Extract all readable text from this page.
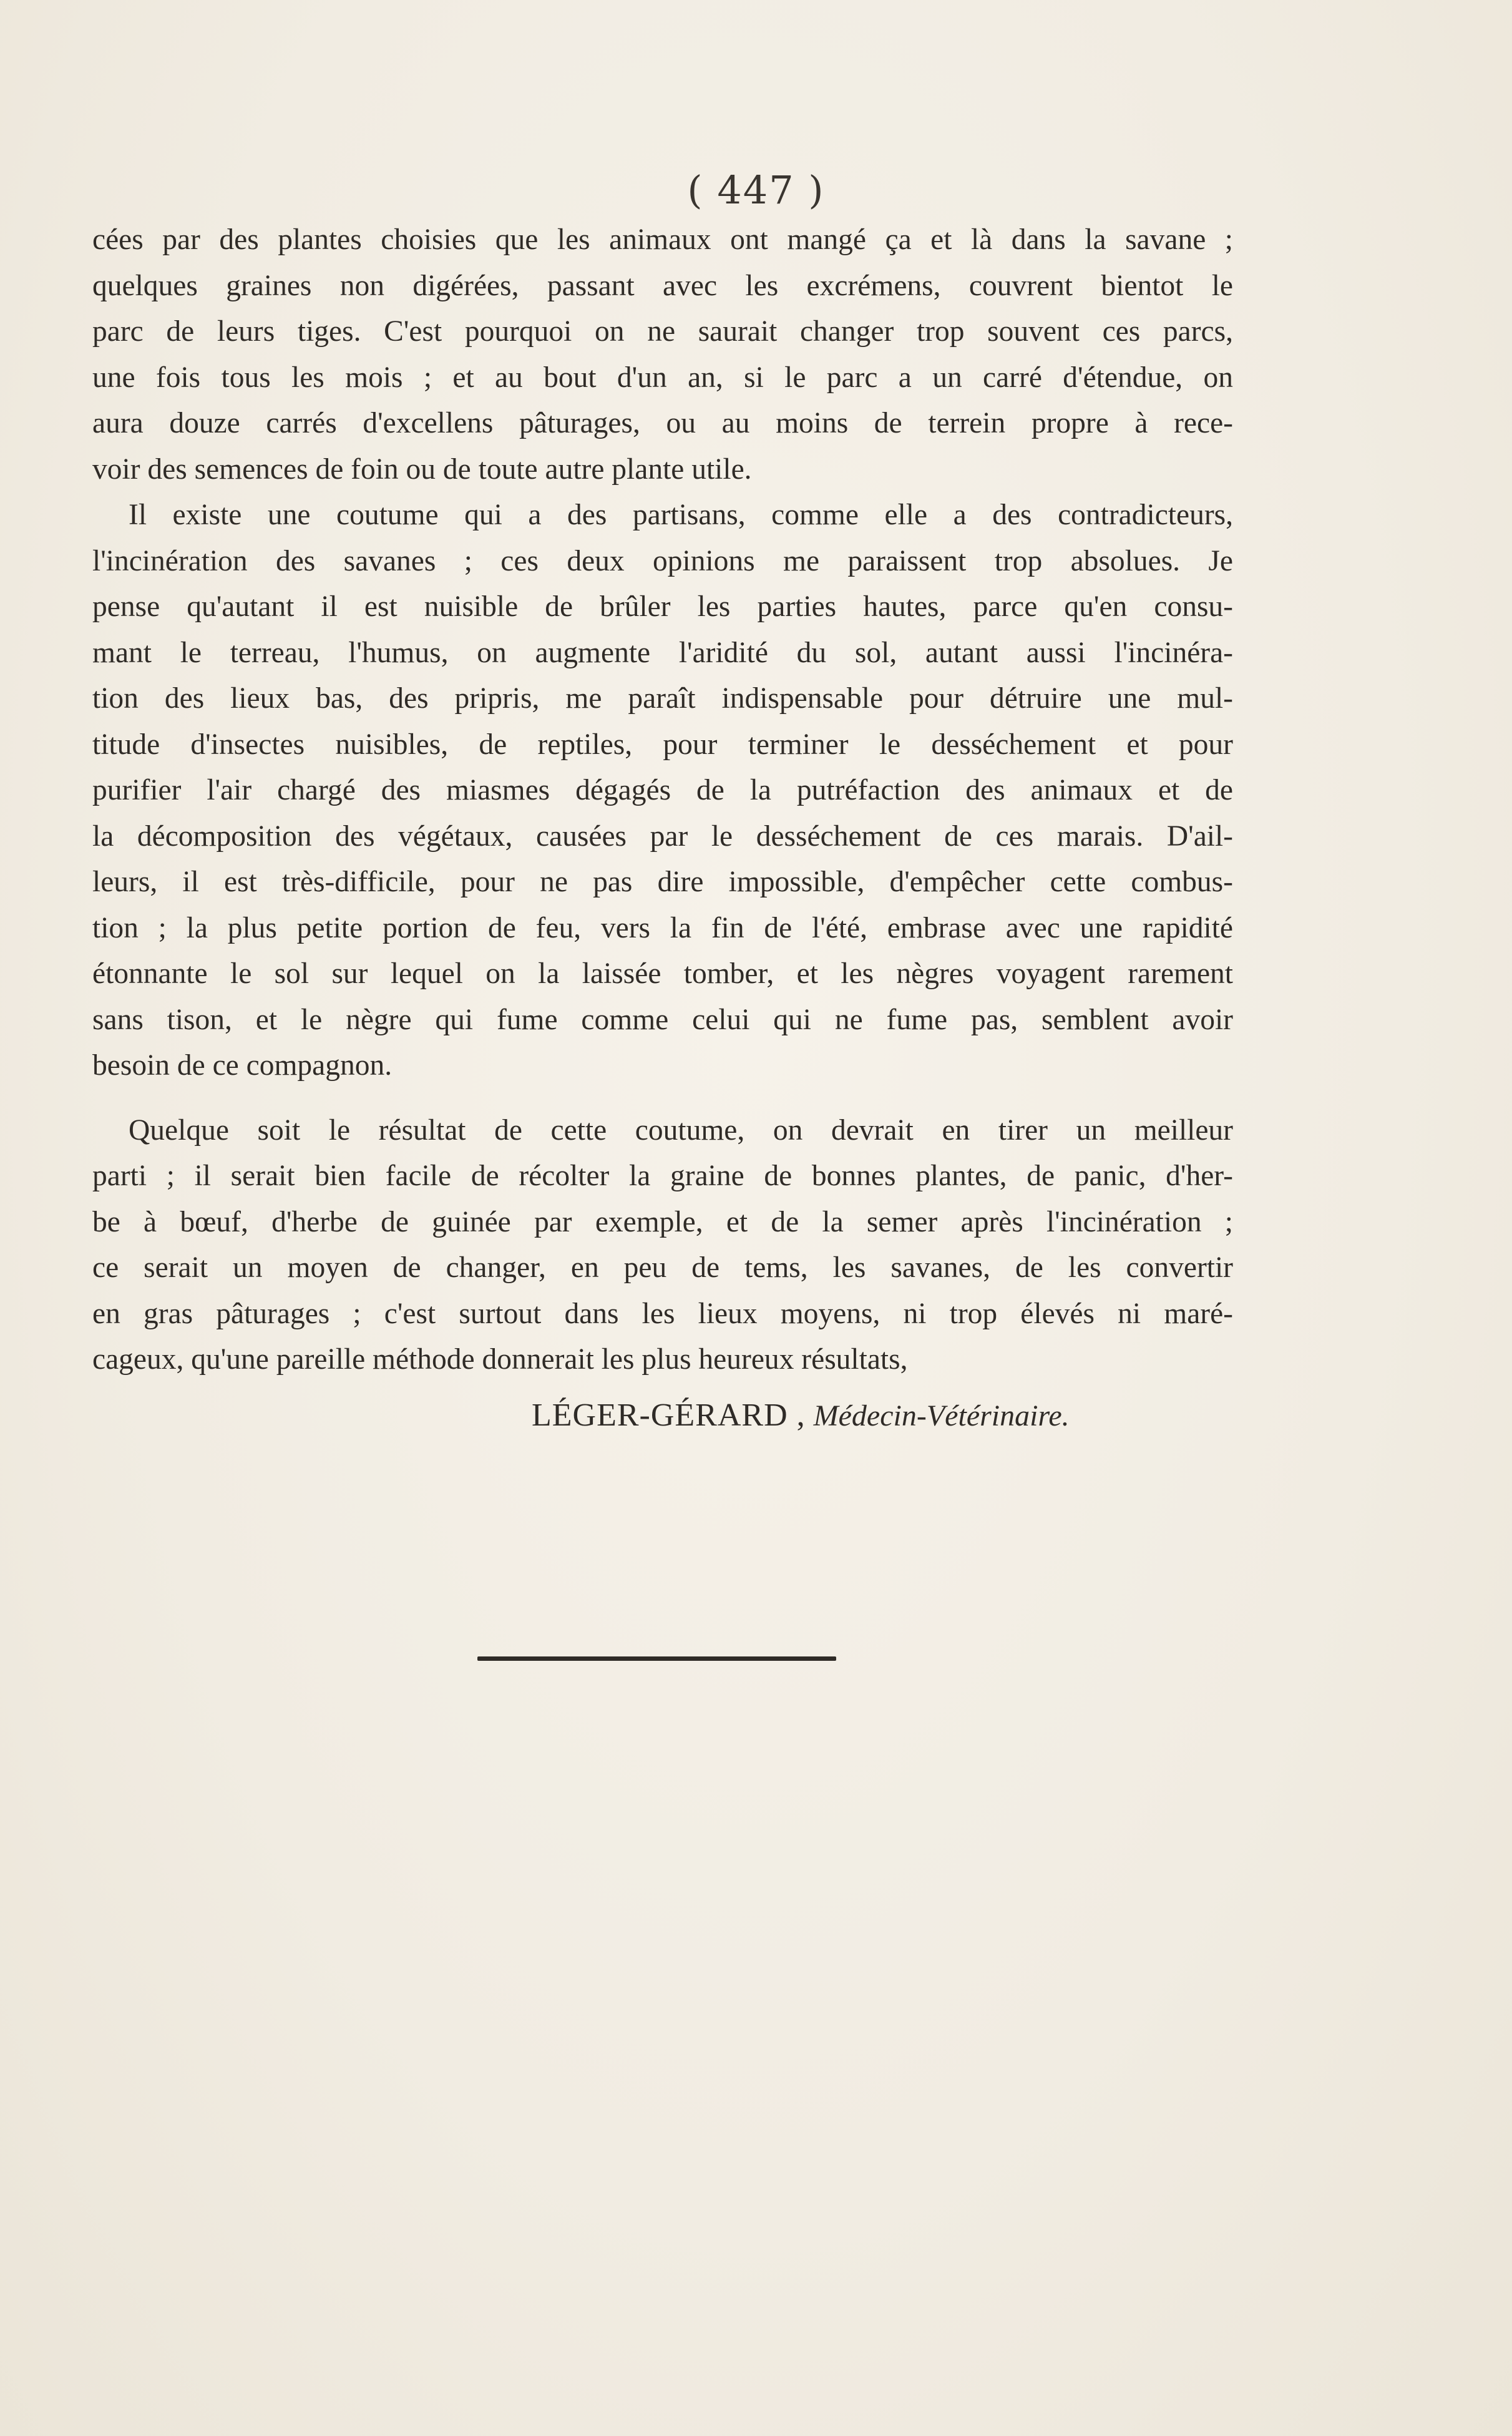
( 447 )
cées par des plantes choisies que les animaux ont mangé ça et là dans la savane ;
quelques graines non digérées, passant avec les excrémens, couvrent bientot le
parc de leurs tiges. C'est pourquoi on ne saurait changer trop souvent ces parcs,
une fois tous les mois ; et au bout d'un an, si le parc a un carré d'étendue, on
aura douze carrés d'excellens pâturages, ou au moins de terrein propre à rece-
voir des semences de foin ou de toute autre plante utile.
Il existe une coutume qui a des partisans, comme elle a des contradicteurs,
l'incinération des savanes ; ces deux opinions me paraissent trop absolues. Je
pense qu'autant il est nuisible de brûler les parties hautes, parce qu'en consu-
mant le terreau, l'humus, on augmente l'aridité du sol, autant aussi l'incinéra-
tion des lieux bas, des pripris, me paraît indispensable pour détruire une mul-
titude d'insectes nuisibles, de reptiles, pour terminer le desséchement et pour
purifier l'air chargé des miasmes dégagés de la putréfaction des animaux et de
la décomposition des végétaux, causées par le desséchement de ces marais. D'ail-
leurs, il est très-difficile, pour ne pas dire impossible, d'empêcher cette combus-
tion ; la plus petite portion de feu, vers la fin de l'été, embrase avec une rapidité
étonnante le sol sur lequel on la laissée tomber, et les nègres voyagent rarement
sans tison, et le nègre qui fume comme celui qui ne fume pas, semblent avoir
besoin de ce compagnon.
Quelque soit le résultat de cette coutume, on devrait en tirer un meilleur
parti ; il serait bien facile de récolter la graine de bonnes plantes, de panic, d'her-
be à bœuf, d'herbe de guinée par exemple, et de la semer après l'incinération ;
ce serait un moyen de changer, en peu de tems, les savanes, de les convertir
en gras pâturages ; c'est surtout dans les lieux moyens, ni trop élevés ni maré-
cageux, qu'une pareille méthode donnerait les plus heureux résultats,
LÉGER-GÉRARD , Médecin-Vétérinaire.
